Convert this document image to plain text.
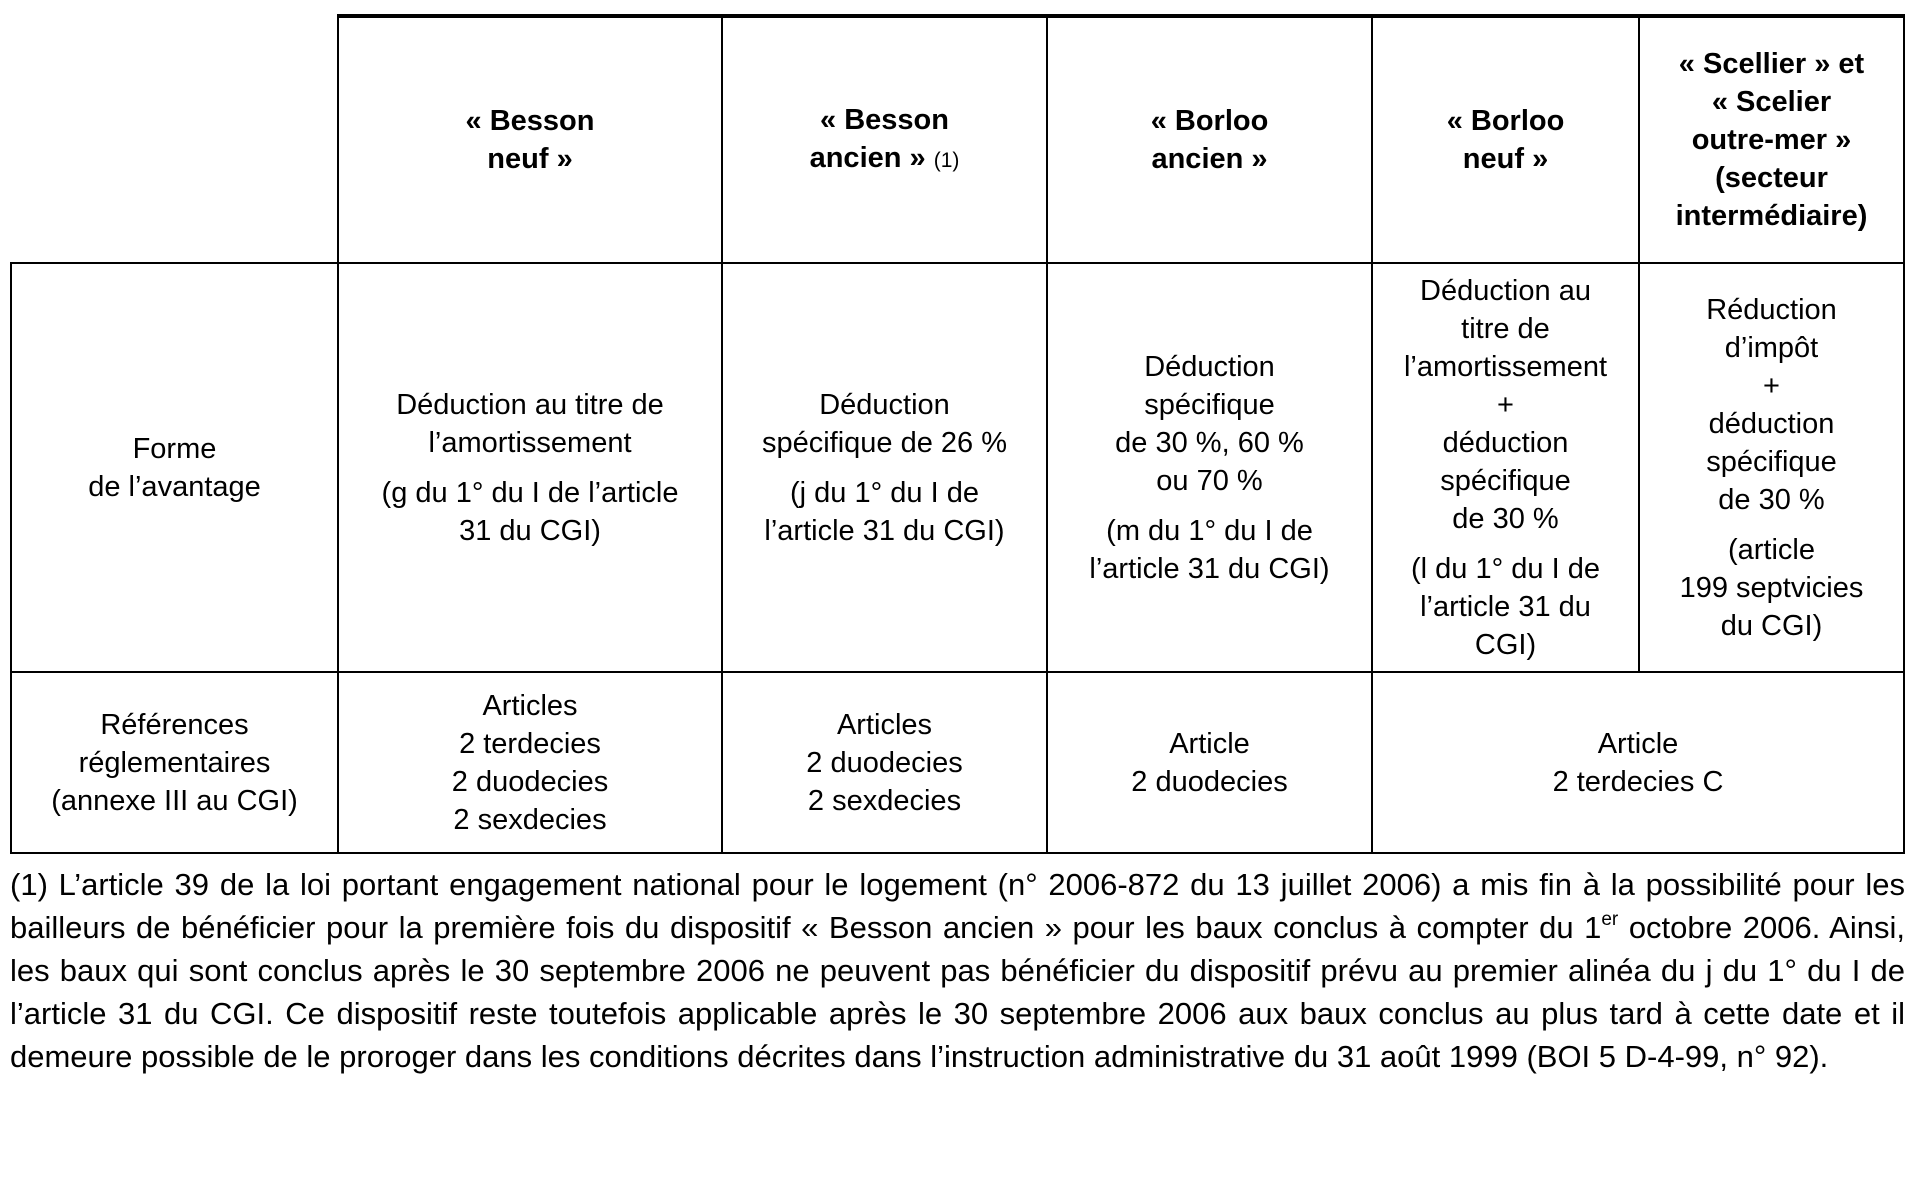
« Besson
neuf »
« Besson
ancien » (1)
« Borloo
ancien »
« Borloo
neuf »
« Scellier » et
« Scelier
outre-mer »
(secteur
intermédiaire)
Forme
de l’avantage
Déduction au titre de
l’amortissement
(g du 1° du I de l’article
31 du CGI)
Déduction
spécifique de 26 %
(j du 1° du I de
l’article 31 du CGI)
Déduction
spécifique
de 30 %, 60 %
ou 70 %
(m du 1° du I de
l’article 31 du CGI)
Déduction au
titre de
l’amortissement
+
déduction
spécifique
de 30 %
(l du 1° du I de
l’article 31 du
CGI)
Réduction
d’impôt
+
déduction
spécifique
de 30 %
(article
199 septvicies
du CGI)
Références
réglementaires
(annexe III au CGI)
Articles
2 terdecies
2 duodecies
2 sexdecies
Articles
2 duodecies
2 sexdecies
Article
2 duodecies
Article
2 terdecies C
(1) L’article 39 de la loi portant engagement national pour le logement (n° 2006-872 du 13 juillet 2006) a mis fin à la possibilité pour les bailleurs de bénéficier pour la première fois du dispositif « Besson ancien » pour les baux conclus à compter du 1er octobre 2006. Ainsi, les baux qui sont conclus après le 30 septembre 2006 ne peuvent pas bénéficier du dispositif prévu au premier alinéa du j du 1° du I de l’article 31 du CGI. Ce dispositif reste toutefois applicable après le 30 septembre 2006 aux baux conclus au plus tard à cette date et il demeure possible de le proroger dans les conditions décrites dans l’instruction administrative du 31 août 1999 (BOI 5 D-4-99, n° 92).
